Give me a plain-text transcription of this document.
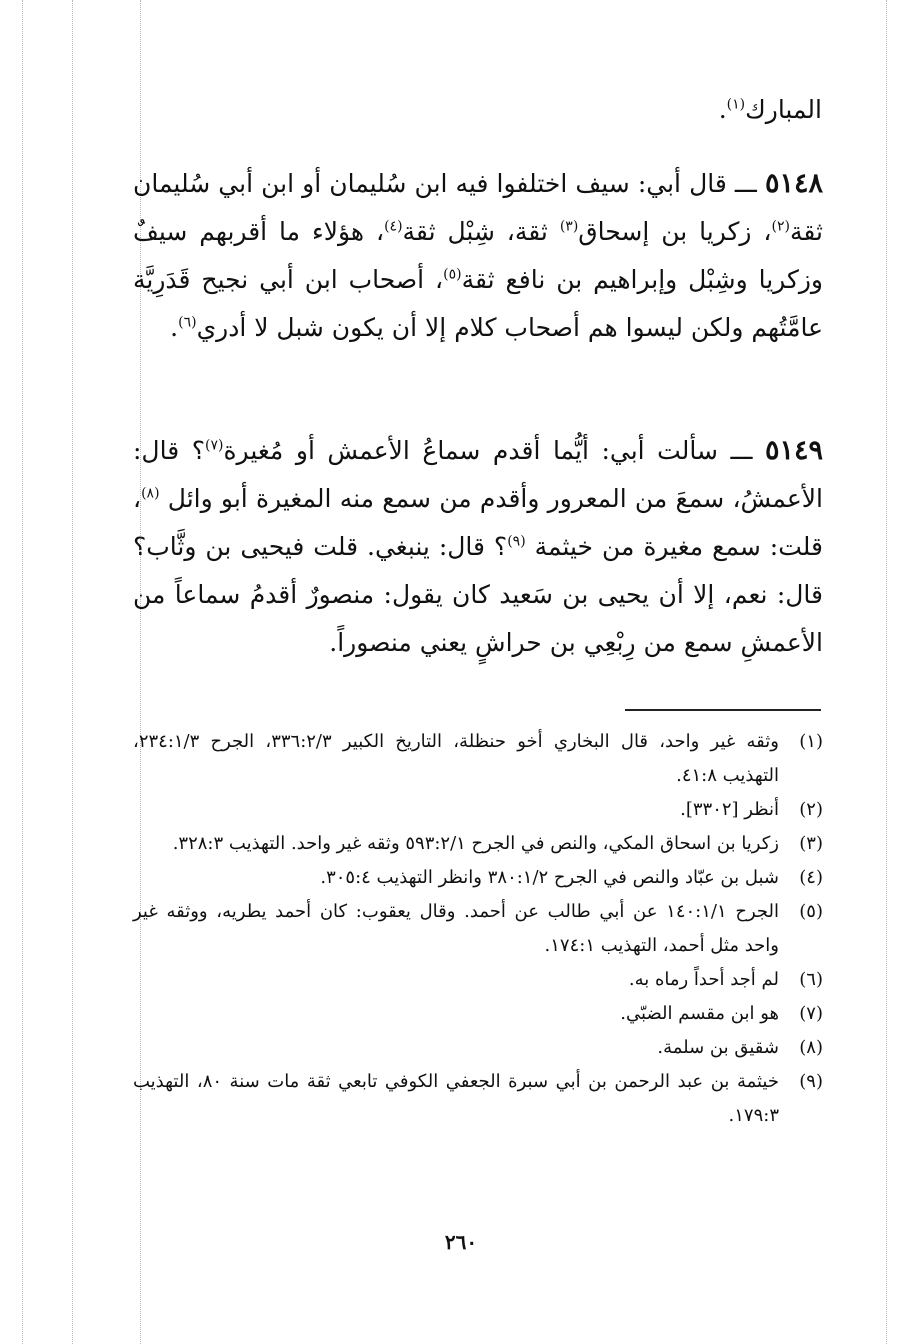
المبارك$^{(١)}$.
٥١٤٨ ـــ قال أبي: سيف اختلفوا فيه ابن سُليمان أو ابن أبي سُليمان ثقة$^{(٢)}$، زكريا بن إسحاق$^{(٣)}$ ثقة، شِبْل ثقة$^{(٤)}$، هؤلاء ما أقربهم سيفٌ وزكريا وشِبْل وإبراهيم بن نافع ثقة$^{(٥)}$، أصحاب ابن أبي نجيح قَدَرِيَّة عامَّتُهم ولكن ليسوا هم أصحاب كلام إلا أن يكون شبل لا أدري$^{(٦)}$.
٥١٤٩ ـــ سألت أبي: أيُّما أقدم سماعُ الأعمش أو مُغيرة$^{(٧)}$؟ قال: الأعمشُ، سمعَ من المعرور وأقدم من سمع منه المغيرة أبو وائل $^{(٨)}$، قلت: سمع مغيرة من خيثمة $^{(٩)}$؟ قال: ينبغي. قلت فيحيى بن وثَّاب؟ قال: نعم، إلا أن يحيى بن سَعيد كان يقول: منصورٌ أقدمُ سماعاً من الأعمشِ سمع من رِبْعِي بن حراشٍ يعني منصوراً.
(١)
وثقه غير واحد، قال البخاري أخو حنظلة، التاريخ الكبير ٣٣٦:٢/٣، الجرح ٢٣٤:١/٣، التهذيب ٤١:٨.
(٢)
أنظر [٣٣٠٢].
(٣)
زكريا بن اسحاق المكي، والنص في الجرح ٥٩٣:٢/١ وثقه غير واحد. التهذيب ٣٢٨:٣.
(٤)
شبل بن عبّاد والنص في الجرح ٣٨٠:١/٢ وانظر التهذيب ٣٠٥:٤.
(٥)
الجرح ١٤٠:١/١ عن أبي طالب عن أحمد. وقال يعقوب: كان أحمد يطريه، ووثقه غير واحد مثل أحمد، التهذيب ١٧٤:١.
(٦)
لم أجد أحداً رماه به.
(٧)
هو ابن مقسم الضبّي.
(٨)
شقيق بن سلمة.
(٩)
خيثمة بن عبد الرحمن بن أبي سبرة الجعفي الكوفي تابعي ثقة مات سنة ٨٠، التهذيب ١٧٩:٣.
٢٦٠
